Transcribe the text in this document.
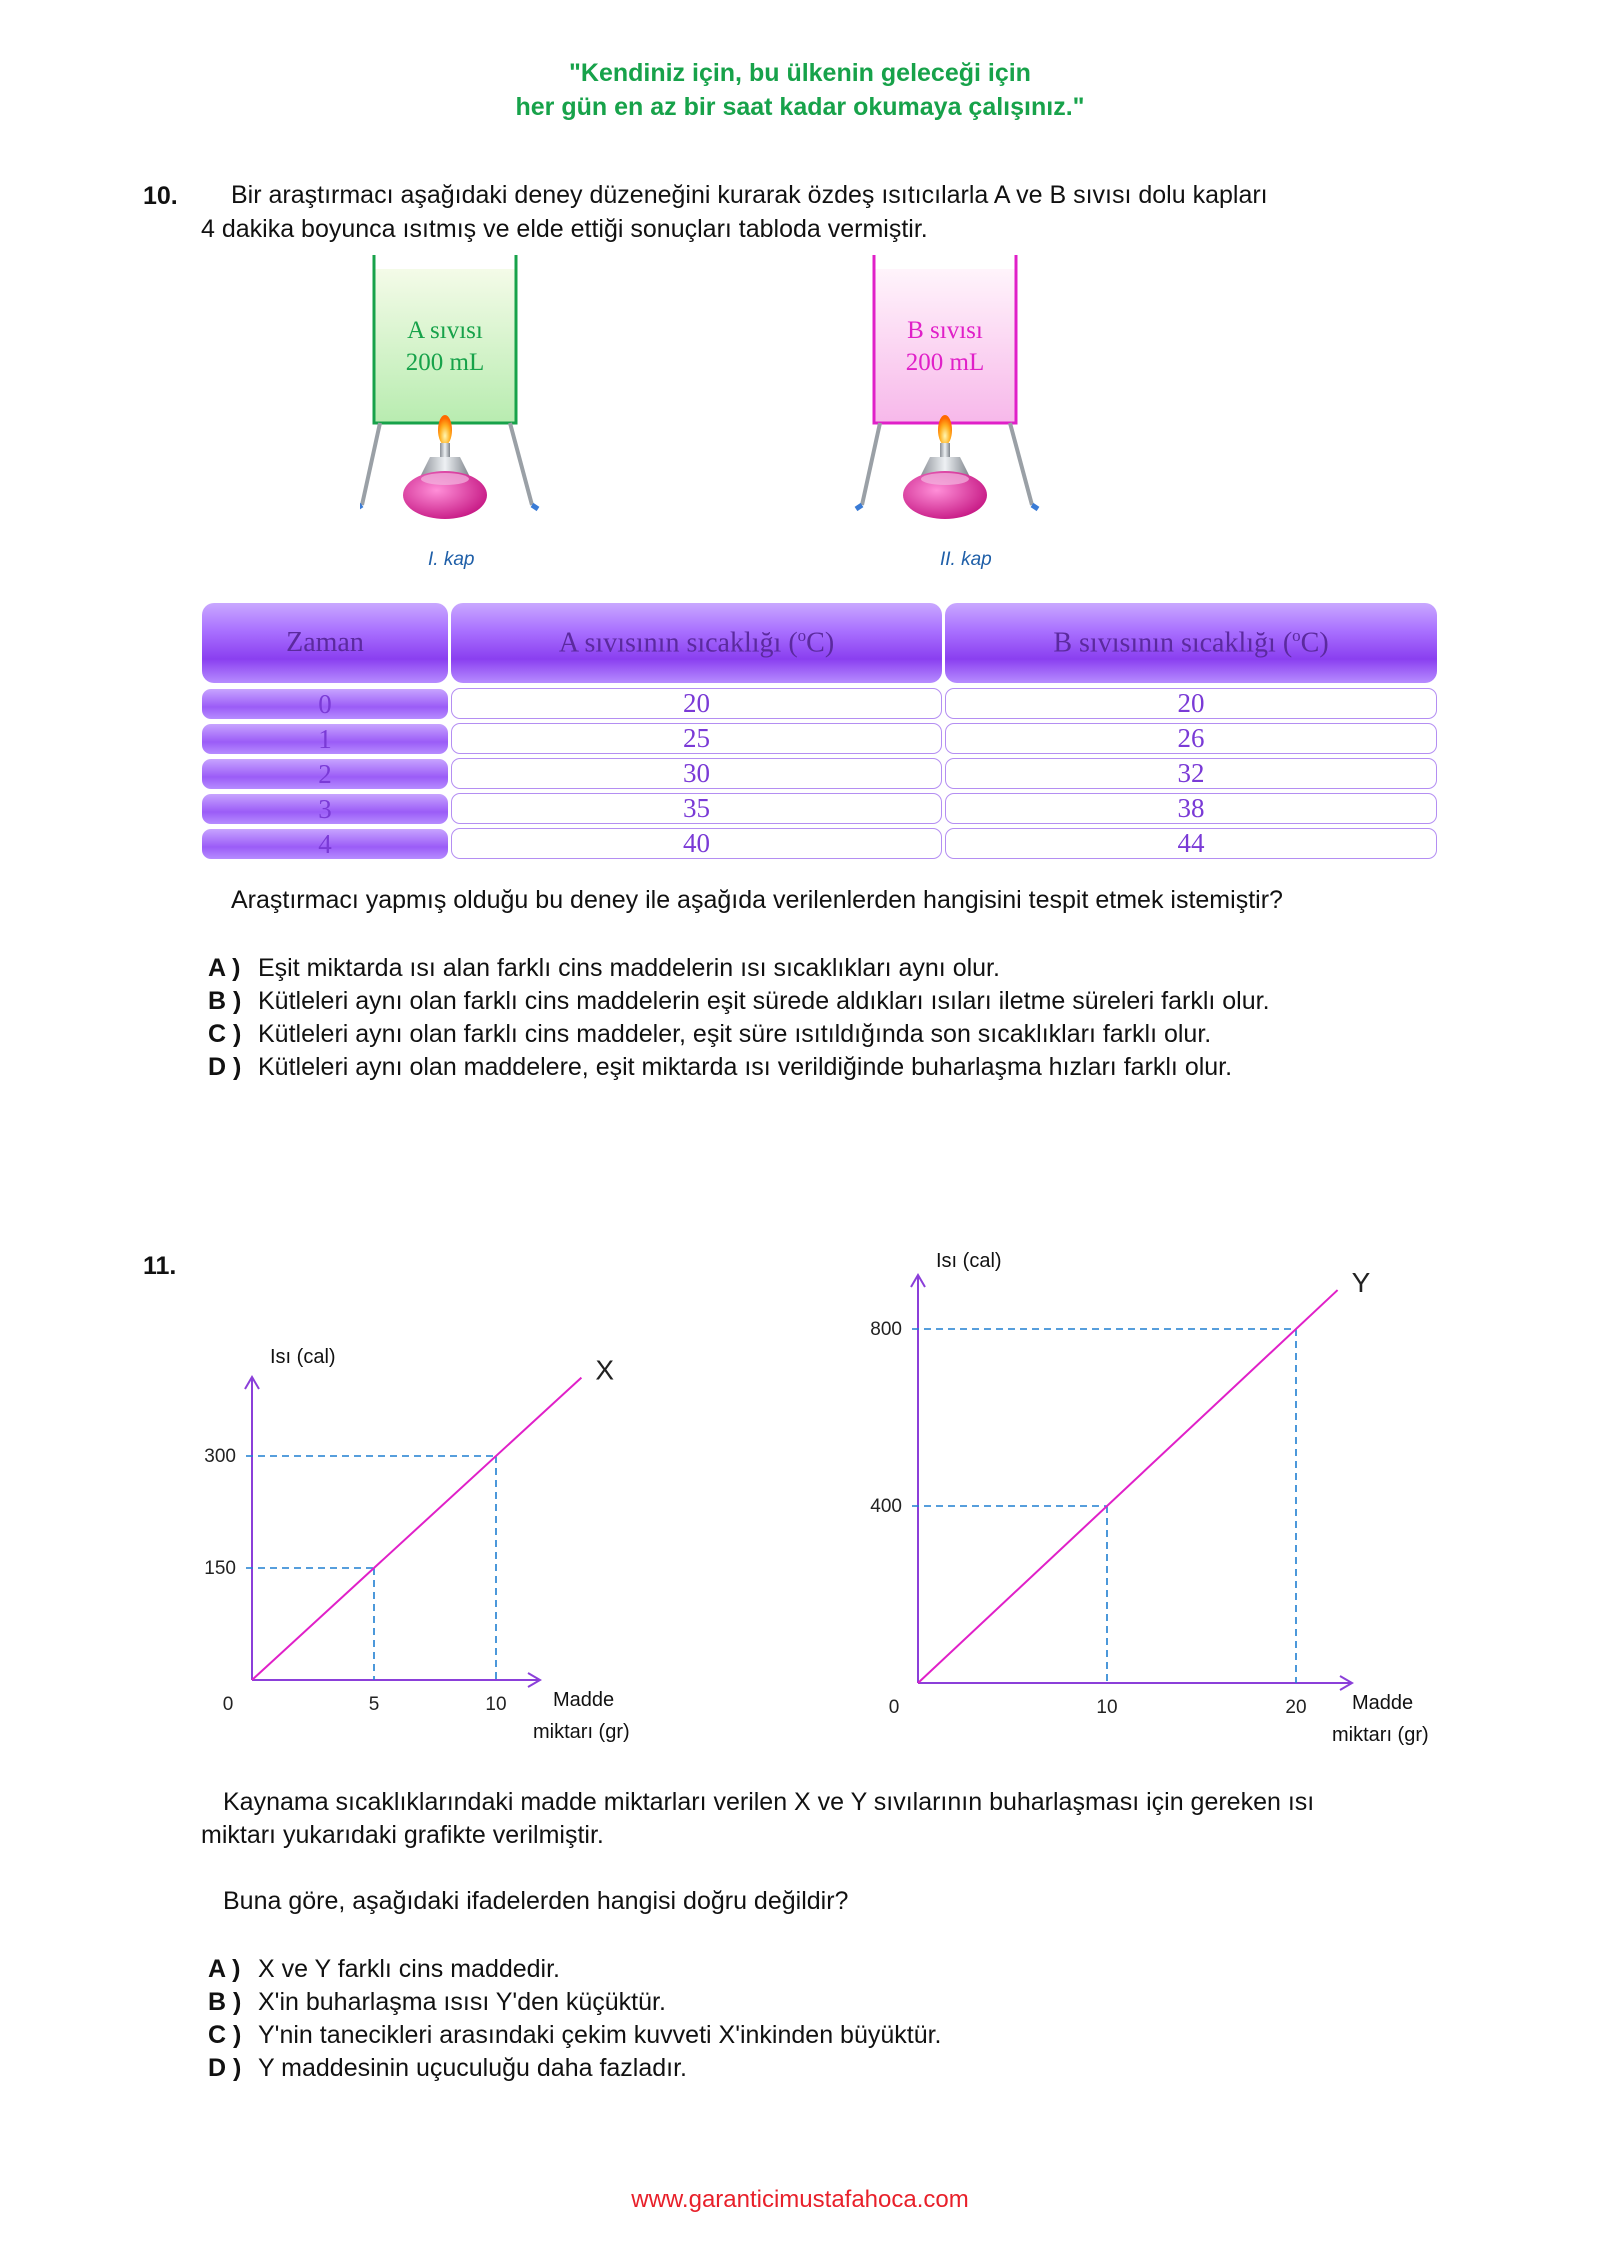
"Kendiniz için, bu ülkenin geleceği için
her gün en az bir saat kadar okumaya çalışınız."
10. Bir araştırmacı aşağıdaki deney düzeneğini kurarak özdeş ısıtıcılarla A ve B sıvısı dolu kapları
4 dakika boyunca ısıtmış ve elde ettiği sonuçları tabloda vermiştir.
A sıvısı
200 mL
B sıvısı
200 mL
I. kap	II. kap
Zaman	A sıvısının sıcaklığı ($^o$C)	B sıvısının sıcaklığı ($^o$C)
0	20	20
1	25	26
2	30	32
3	35	38
4	40	44
Araştırmacı yapmış olduğu bu deney ile aşağıda verilenlerden hangisini tespit etmek istemiştir?
A ) Eşit miktarda ısı alan farklı cins maddelerin ısı sıcaklıkları aynı olur.
B ) Kütleleri aynı olan farklı cins maddelerin eşit sürede aldıkları ısıları iletme süreleri farklı olur.
C ) Kütleleri aynı olan farklı cins maddeler, eşit süre ısıtıldığında son sıcaklıkları farklı olur.
D ) Kütleleri aynı olan maddelere, eşit miktarda ısı verildiğinde buharlaşma hızları farklı olur.
11.
X
0	5	10
150
300
Isı (cal)
Madde
miktarı (gr)
Y
0	10	20
400
800
Isı (cal)
Madde
miktarı (gr)
Kaynama sıcaklıklarındaki madde miktarları verilen X ve Y sıvılarının buharlaşması için gereken ısı
miktarı yukarıdaki grafikte verilmiştir.
Buna göre, aşağıdaki ifadelerden hangisi doğru değildir?
A ) X ve Y farklı cins maddedir.
B ) X'in buharlaşma ısısı Y'den küçüktür.
C ) Y'nin tanecikleri arasındaki çekim kuvveti X'inkinden büyüktür.
D ) Y maddesinin uçuculuğu daha fazladır.
www.garanticimustafahoca.com
